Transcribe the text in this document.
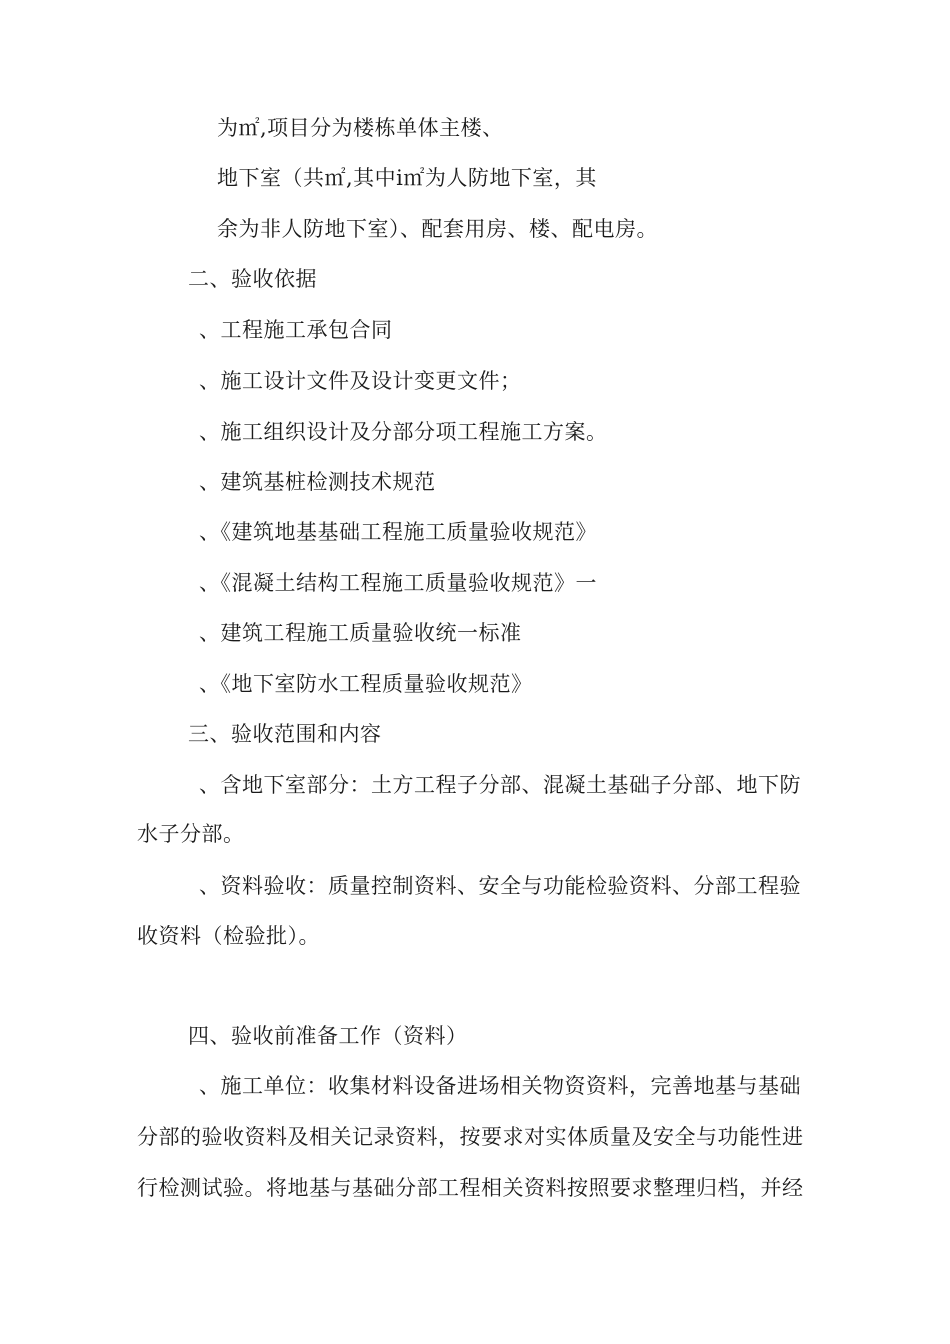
为㎡,项目分为楼栋单体主楼、
地下室（共㎡,其中ⅰ㎡为人防地下室，其
余为非人防地下室）、配套用房、楼、配电房。
二、验收依据
、工程施工承包合同
、施工设计文件及设计变更文件；
、施工组织设计及分部分项工程施工方案。
、建筑基桩检测技术规范
、《建筑地基基础工程施工质量验收规范》
、《混凝土结构工程施工质量验收规范》一
、建筑工程施工质量验收统一标准
、《地下室防水工程质量验收规范》
三、验收范围和内容
、含地下室部分：土方工程子分部、混凝土基础子分部、地下防
水子分部。
、资料验收：质量控制资料、安全与功能检验资料、分部工程验
收资料（检验批）。
四、验收前准备工作（资料）
、施工单位：收集材料设备进场相关物资资料，完善地基与基础
分部的验收资料及相关记录资料，按要求对实体质量及安全与功能性进
行检测试验。将地基与基础分部工程相关资料按照要求整理归档，并经
